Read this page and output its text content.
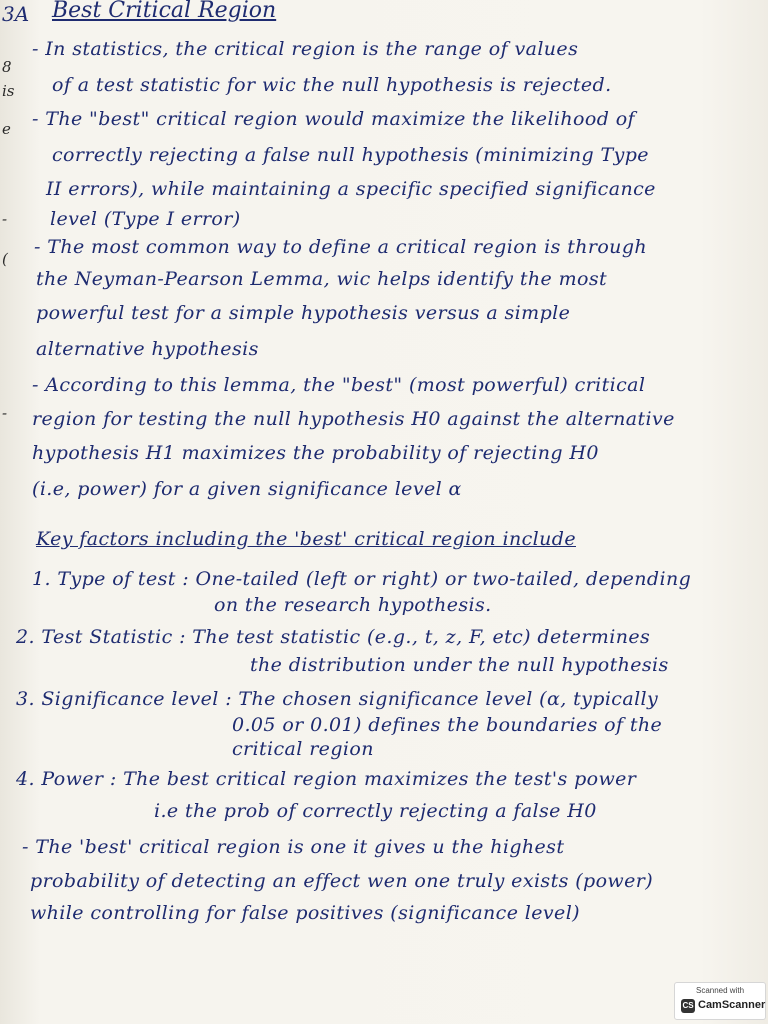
3A Best Critical Region
8
is
e
-
(
-
- In statistics, the critical region is the range of values
of a test statistic for wic the null hypothesis is rejected.
- The "best" critical region would maximize the likelihood of
correctly rejecting a false null hypothesis (minimizing Type
II errors), while maintaining a specific specified significance
level (Type I error)
- The most common way to define a critical region is through
the Neyman-Pearson Lemma, wic helps identify the most
powerful test for a simple hypothesis versus a simple
alternative hypothesis
- According to this lemma, the "best" (most powerful) critical
region for testing the null hypothesis H0 against the alternative
hypothesis H1 maximizes the probability of rejecting H0
(i.e, power) for a given significance level α
Key factors including the 'best' critical region include
1. Type of test : One-tailed (left or right) or two-tailed, depending
on the research hypothesis.
2. Test Statistic : The test statistic (e.g., t, z, F, etc) determines
the distribution under the null hypothesis
3. Significance level : The chosen significance level (α, typically
0.05 or 0.01) defines the boundaries of the
critical region
4. Power : The best critical region maximizes the test's power
i.e the prob of correctly rejecting a false H0
- The 'best' critical region is one it gives u the highest
probability of detecting an effect wen one truly exists (power)
while controlling for false positives (significance level)
Scanned with
CS CamScanner
